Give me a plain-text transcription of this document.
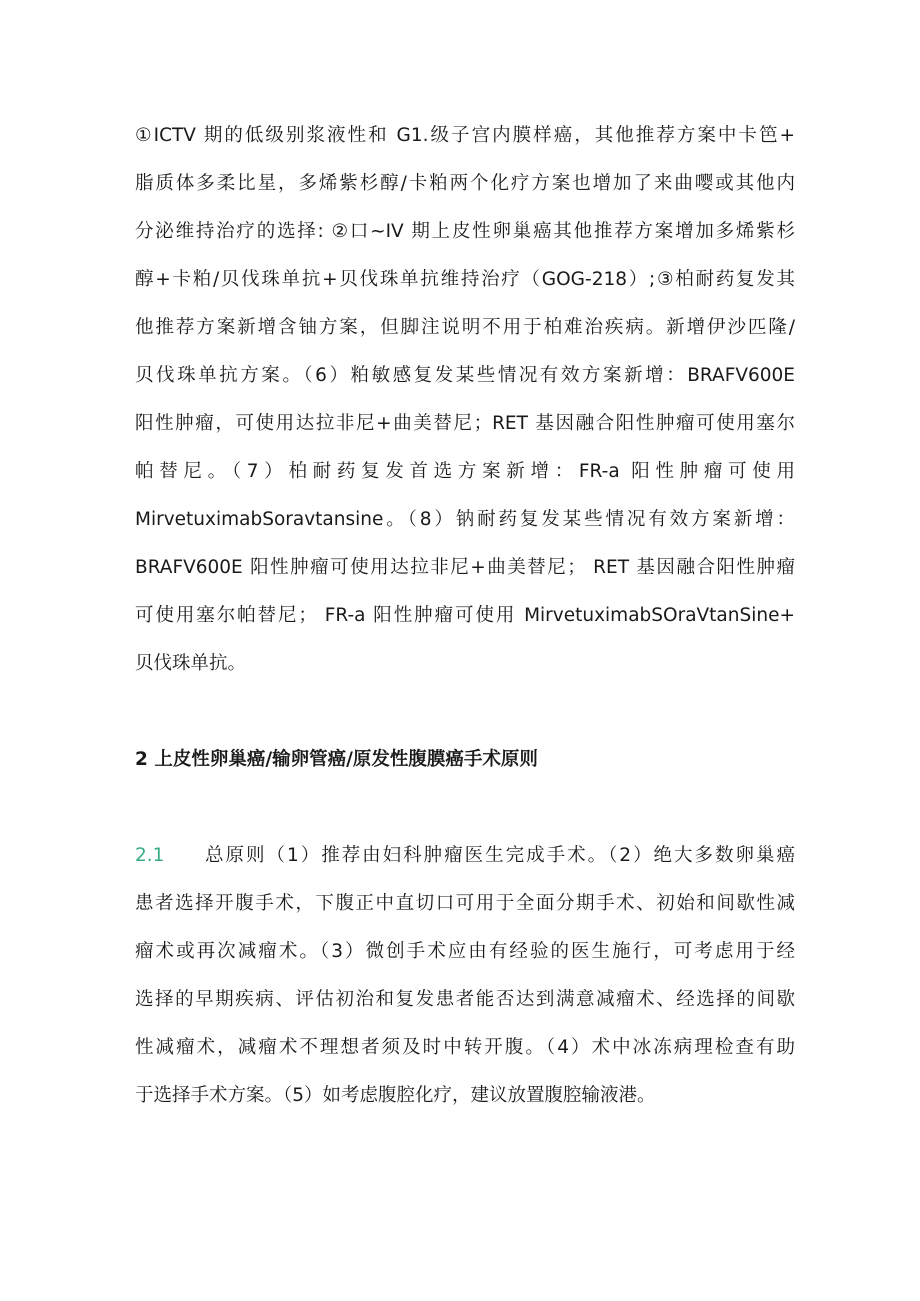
①ICTV 期的低级别浆液性和 G1.级子宫内膜样癌，其他推荐方案中卡笆+
脂质体多柔比星，多烯紫杉醇/卡粕两个化疗方案也增加了来曲嘤或其他内
分泌维持治疗的选择: ②口~IV 期上皮性卵巢癌其他推荐方案增加多烯紫杉
醇+卡粕/贝伐珠单抗+贝伐珠单抗维持治疗（GOG-218）;③柏耐药复发其
他推荐方案新增含铀方案，但脚注说明不用于柏难治疾病。新增伊沙匹隆/
贝伐珠单抗方案。（6）粕敏感复发某些情况有效方案新增：BRAFV600E
阳性肿瘤，可使用达拉非尼+曲美替尼；RET 基因融合阳性肿瘤可使用塞尔
帕替尼。（7）柏耐药复发首选方案新增：FR-a 阳性肿瘤可使用
MirvetuximabSoravtansine。（8）钠耐药复发某些情况有效方案新增：
BRAFV600E 阳性肿瘤可使用达拉非尼+曲美替尼； RET 基因融合阳性肿瘤
可使用塞尔帕替尼； FR-a 阳性肿瘤可使用 MirvetuximabSOraVtanSine+
贝伐珠单抗。
2 上皮性卵巢癌/输卵管癌/原发性腹膜癌手术原则
2.1 总原则（1）推荐由妇科肿瘤医生完成手术。（2）绝大多数卵巢癌
患者选择开腹手术，下腹正中直切口可用于全面分期手术、初始和间歇性减
瘤术或再次减瘤术。（3）微创手术应由有经验的医生施行，可考虑用于经
选择的早期疾病、评估初治和复发患者能否达到满意减瘤术、经选择的间歇
性减瘤术，减瘤术不理想者须及时中转开腹。（4）术中冰冻病理检查有助
于选择手术方案。（5）如考虑腹腔化疗，建议放置腹腔输液港。
